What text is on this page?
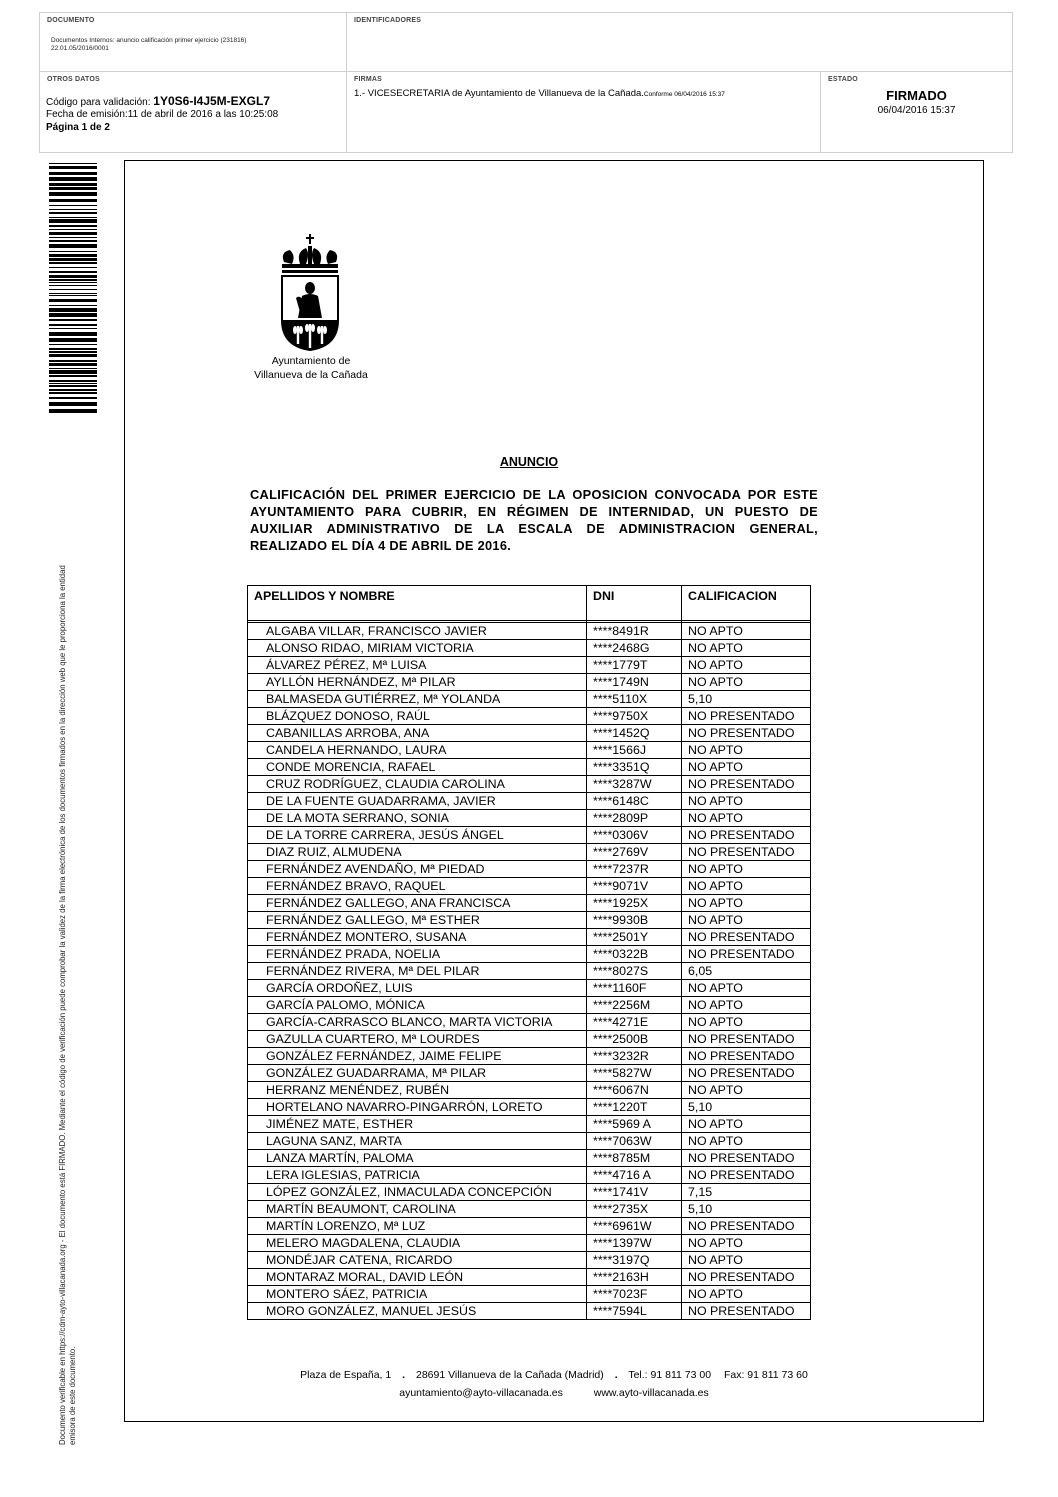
DOCUMENTO
Documentos Internos: anuncio calificación primer ejercicio (231816)
22.01.05/2016/0001
IDENTIFICADORES
OTROS DATOS
Código para validación: 1Y0S6-I4J5M-EXGL7
Fecha de emisión:11 de abril de 2016 a las 10:25:08
Página 1 de 2
FIRMAS
1.- VICESECRETARIA de Ayuntamiento de Villanueva de la Cañada.Conforme 06/04/2016 15:37
ESTADO
FIRMADO
06/04/2016 15:37
Documento verificable en https://cdm-ayto-villacanada.org - El documento está FIRMADO. Mediante el código de verificación puede comprobar la validez de la firma electrónica de los documentos firmados en la dirección web que le proporciona la entidad emisora de este documento.
Ayuntamiento de
Villanueva de la Cañada
ANUNCIO
CALIFICACIÓN DEL PRIMER EJERCICIO DE LA OPOSICION CONVOCADA POR ESTE AYUNTAMIENTO PARA CUBRIR, EN RÉGIMEN DE INTERNIDAD, UN PUESTO DE AUXILIAR ADMINISTRATIVO DE LA ESCALA DE ADMINISTRACION GENERAL, REALIZADO EL DÍA 4 DE ABRIL DE 2016.
APELLIDOS Y NOMBRE	DNI	CALIFICACION

ALGABA VILLAR, FRANCISCO JAVIER	****8491R	NO APTO
ALONSO RIDAO, MIRIAM VICTORIA	****2468G	NO APTO
ÁLVAREZ PÉREZ, Mª LUISA	****1779T	NO APTO
AYLLÓN HERNÁNDEZ, Mª PILAR	****1749N	NO APTO
BALMASEDA GUTIÉRREZ, Mª YOLANDA	****5110X	5,10
BLÁZQUEZ DONOSO, RAÚL	****9750X	NO PRESENTADO
CABANILLAS ARROBA, ANA	****1452Q	NO PRESENTADO
CANDELA HERNANDO, LAURA	****1566J	NO APTO
CONDE MORENCIA, RAFAEL	****3351Q	NO APTO
CRUZ RODRÍGUEZ, CLAUDIA CAROLINA	****3287W	NO PRESENTADO
DE LA FUENTE GUADARRAMA, JAVIER	****6148C	NO APTO
DE LA MOTA SERRANO, SONIA	****2809P	NO APTO
DE LA TORRE CARRERA, JESÚS ÁNGEL	****0306V	NO PRESENTADO
DIAZ RUIZ, ALMUDENA	****2769V	NO PRESENTADO
FERNÁNDEZ AVENDAÑO, Mª PIEDAD	****7237R	NO APTO
FERNÁNDEZ BRAVO, RAQUEL	****9071V	NO APTO
FERNÁNDEZ GALLEGO, ANA FRANCISCA	****1925X	NO APTO
FERNÁNDEZ GALLEGO, Mª ESTHER	****9930B	NO APTO
FERNÁNDEZ MONTERO, SUSANA	****2501Y	NO PRESENTADO
FERNÁNDEZ PRADA, NOELIA	****0322B	NO PRESENTADO
FERNÁNDEZ RIVERA, Mª DEL PILAR	****8027S	6,05
GARCÍA ORDOÑEZ, LUIS	****1160F	NO APTO
GARCÍA PALOMO, MÓNICA	****2256M	NO APTO
GARCÍA-CARRASCO BLANCO, MARTA VICTORIA	****4271E	NO APTO
GAZULLA CUARTERO, Mª LOURDES	****2500B	NO PRESENTADO
GONZÁLEZ FERNÁNDEZ, JAIME FELIPE	****3232R	NO PRESENTADO
GONZÁLEZ GUADARRAMA, Mª PILAR	****5827W	NO PRESENTADO
HERRANZ MENÉNDEZ, RUBÉN	****6067N	NO APTO
HORTELANO NAVARRO-PINGARRÓN, LORETO	****1220T	5,10
JIMÉNEZ MATE, ESTHER	****5969 A	NO APTO
LAGUNA SANZ, MARTA	****7063W	NO APTO
LANZA MARTÍN, PALOMA	****8785M	NO PRESENTADO
LERA IGLESIAS, PATRICIA	****4716 A	NO PRESENTADO
LÓPEZ GONZÁLEZ, INMACULADA CONCEPCIÓN	****1741V	7,15
MARTÍN BEAUMONT, CAROLINA	****2735X	5,10
MARTÍN LORENZO, Mª LUZ	****6961W	NO PRESENTADO
MELERO MAGDALENA, CLAUDIA	****1397W	NO APTO
MONDÉJAR CATENA, RICARDO	****3197Q	NO APTO
MONTARAZ MORAL, DAVID LEÓN	****2163H	NO PRESENTADO
MONTERO SÁEZ, PATRICIA	****7023F	NO APTO
MORO GONZÁLEZ, MANUEL JESÚS	****7594L	NO PRESENTADO
Plaza de España, 1 . 28691 Villanueva de la Cañada (Madrid) . Tel.: 91 811 73 00 Fax: 91 811 73 60
ayuntamiento@ayto-villacanada.es	www.ayto-villacanada.es
